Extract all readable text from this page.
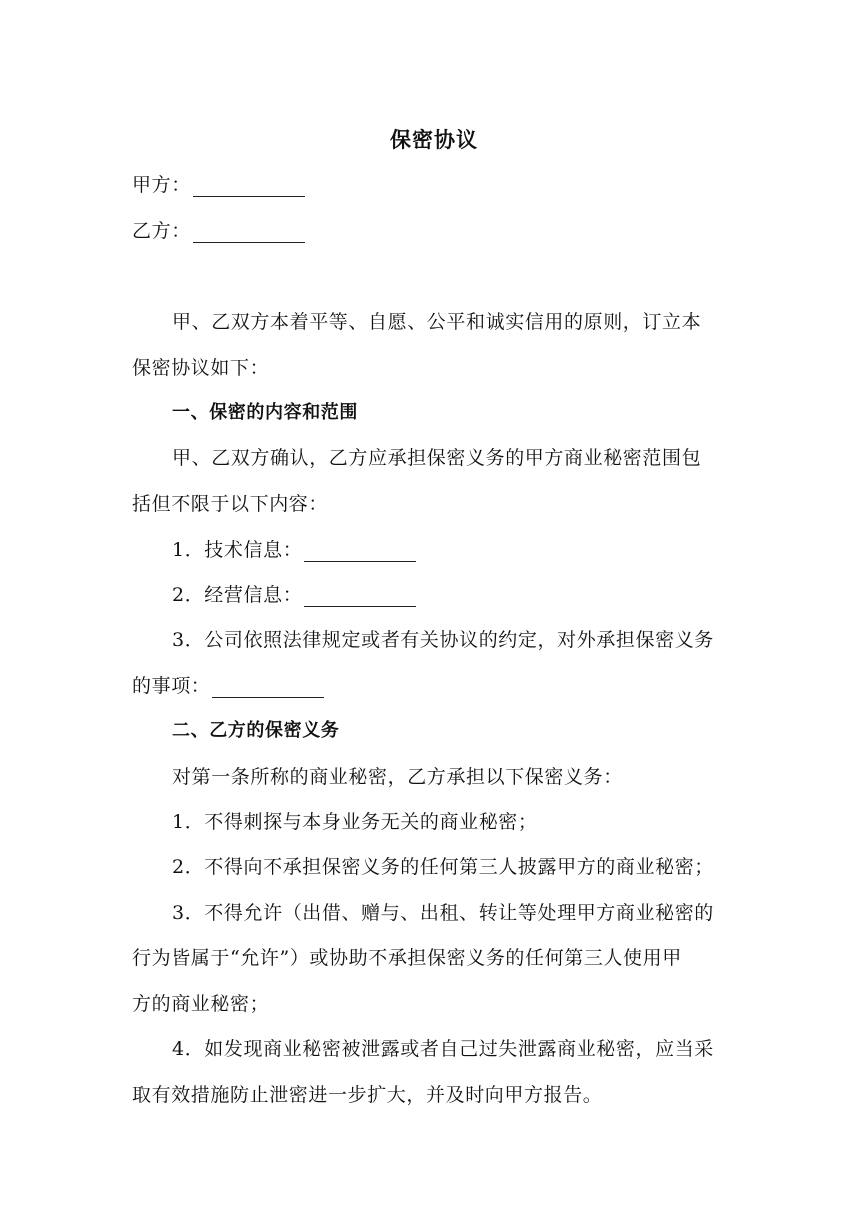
保密协议
甲方：
乙方：
甲、乙双方本着平等、自愿、公平和诚实信用的原则，订立本
保密协议如下：
一、保密的内容和范围
甲、乙双方确认，乙方应承担保密义务的甲方商业秘密范围包
括但不限于以下内容：
1．技术信息：
2．经营信息：
3．公司依照法律规定或者有关协议的约定，对外承担保密义务
的事项：
二、乙方的保密义务
对第一条所称的商业秘密，乙方承担以下保密义务：
1．不得刺探与本身业务无关的商业秘密；
2．不得向不承担保密义务的任何第三人披露甲方的商业秘密；
3．不得允许（出借、赠与、出租、转让等处理甲方商业秘密的
行为皆属于“允许”）或协助不承担保密义务的任何第三人使用甲
方的商业秘密；
4．如发现商业秘密被泄露或者自己过失泄露商业秘密，应当采
取有效措施防止泄密进一步扩大，并及时向甲方报告。
